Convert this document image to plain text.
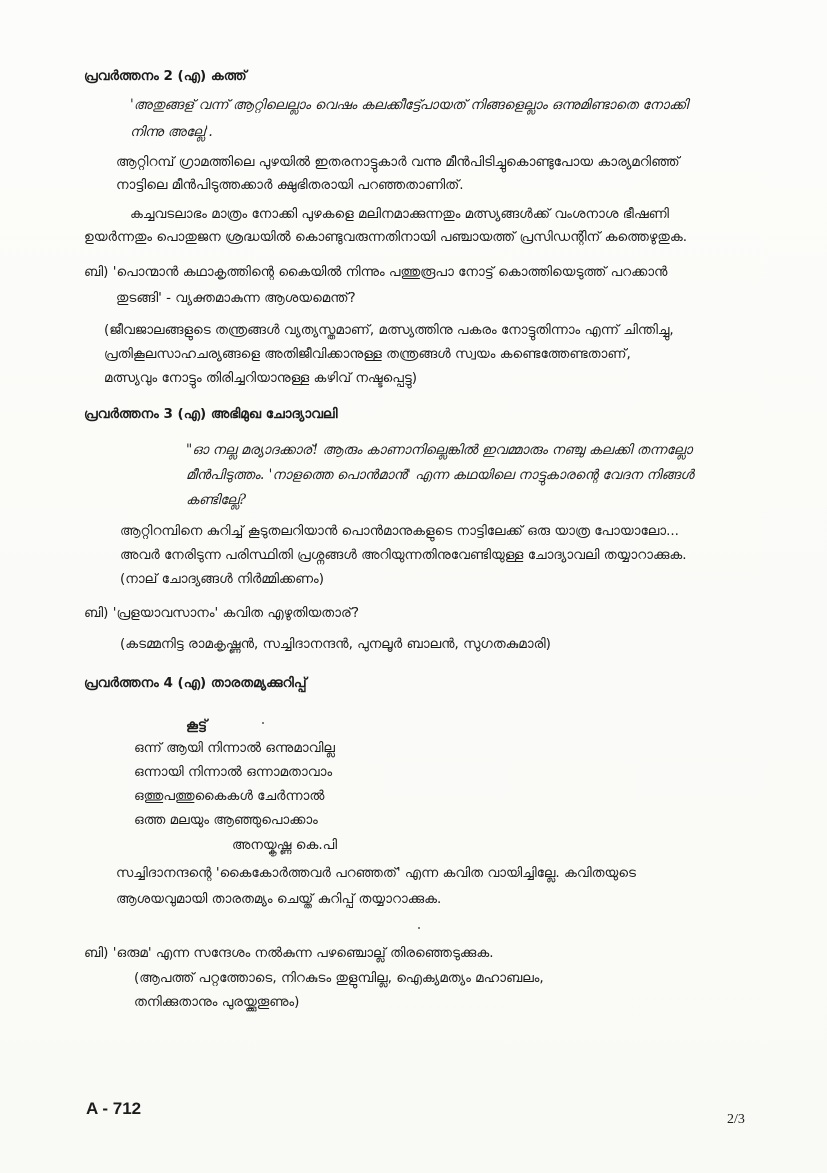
പ്രവർത്തനം 2 (എ) കത്ത്
'അതുങ്ങള് വന്ന് ആറ്റിലെല്ലാം വെഷം കലക്കീട്ട്പോയത് നിങ്ങളെല്ലാം ഒന്നുമിണ്ടാതെ നോക്കി
നിന്നു അല്ലേ'.
ആറ്റിറമ്പ് ഗ്രാമത്തിലെ പുഴയിൽ ഇതരനാട്ടുകാർ വന്നു മീൻപിടിച്ചുകൊണ്ടുപോയ കാര്യമറിഞ്ഞ്
നാട്ടിലെ മീൻപിടുത്തക്കാർ ക്ഷുഭിതരായി പറഞ്ഞതാണിത്.
കച്ചവടലാഭം മാത്രം നോക്കി പുഴകളെ മലിനമാക്കുന്നതും മത്സ്യങ്ങൾക്ക് വംശനാശ ഭീഷണി
ഉയർന്നതും പൊതുജന ശ്രദ്ധയിൽ കൊണ്ടുവരുന്നതിനായി പഞ്ചായത്ത് പ്രസിഡന്റിന് കത്തെഴുതുക.
ബി) 'പൊന്മാൻ കഥാകൃത്തിന്റെ കൈയിൽ നിന്നും പത്തുരൂപാ നോട്ട് കൊത്തിയെടുത്ത് പറക്കാൻ
തുടങ്ങി' - വ്യക്തമാകുന്ന ആശയമെന്ത്?
(ജീവജാലങ്ങളുടെ തന്ത്രങ്ങൾ വ്യത്യസ്തമാണ്, മത്സ്യത്തിനു പകരം നോട്ടുതിന്നാം എന്ന് ചിന്തിച്ചു,
പ്രതികൂലസാഹചര്യങ്ങളെ അതിജീവിക്കാനുള്ള തന്ത്രങ്ങൾ സ്വയം കണ്ടെത്തേണ്ടതാണ്,
മത്സ്യവും നോട്ടും തിരിച്ചറിയാനുള്ള കഴിവ് നഷ്ടപ്പെട്ടു)
പ്രവർത്തനം 3 (എ) അഭിമുഖ ചോദ്യാവലി
"ഓ നല്ല മര്യാദക്കാര്! ആരും കാണാനില്ലെങ്കിൽ ഇവമ്മാരും നഞ്ചു കലക്കി തന്നല്ലോ
മീൻപിടുത്തം. 'നാളത്തെ പൊൻമാൻ' എന്ന കഥയിലെ നാട്ടുകാരന്റെ വേദന നിങ്ങൾ
കണ്ടില്ലേ?
ആറ്റിറമ്പിനെ കുറിച്ച് കൂടുതലറിയാൻ പൊൻമാനുകളുടെ നാട്ടിലേക്ക് ഒരു യാത്ര പോയാലോ...
അവർ നേരിടുന്ന പരിസ്ഥിതി പ്രശ്നങ്ങൾ അറിയുന്നതിനുവേണ്ടിയുള്ള ചോദ്യാവലി തയ്യാറാക്കുക.
(നാല് ചോദ്യങ്ങൾ നിർമ്മിക്കണം)
ബി) 'പ്രളയാവസാനം' കവിത എഴുതിയതാര്?
(കടമ്മനിട്ട രാമകൃഷ്ണൻ, സച്ചിദാനന്ദൻ, പുനലൂർ ബാലൻ, സുഗതകുമാരി)
പ്രവർത്തനം 4 (എ) താരതമ്യക്കുറിപ്പ്
കൂട്ട്
ഒന്ന് ആയി നിന്നാൽ ഒന്നുമാവില്ല
ഒന്നായി നിന്നാൽ ഒന്നാമതാവാം
ഒത്തുപത്തുകൈകൾ ചേർന്നാൽ
ഒത്ത മലയും ആഞ്ഞുപൊക്കാം
അനയ്കൃഷ്ണ കെ.പി
സച്ചിദാനന്ദന്റെ 'കൈകോർത്തവർ പറഞ്ഞത്' എന്ന കവിത വായിച്ചില്ലേ. കവിതയുടെ
ആശയവുമായി താരതമ്യം ചെയ്ത് കുറിപ്പ് തയ്യാറാക്കുക.
ബി) 'ഒരുമ' എന്ന സന്ദേശം നൽകുന്ന പഴഞ്ചൊല്ല് തിരഞ്ഞെടുക്കുക.
(ആപത്ത് പറ്റത്തോടെ, നിറകുടം തുളുമ്പില്ല, ഐക്യമത്യം മഹാബലം,
തനിക്കുതാനും പുരയ്ക്കുതൂണും)
A - 712
2/3
